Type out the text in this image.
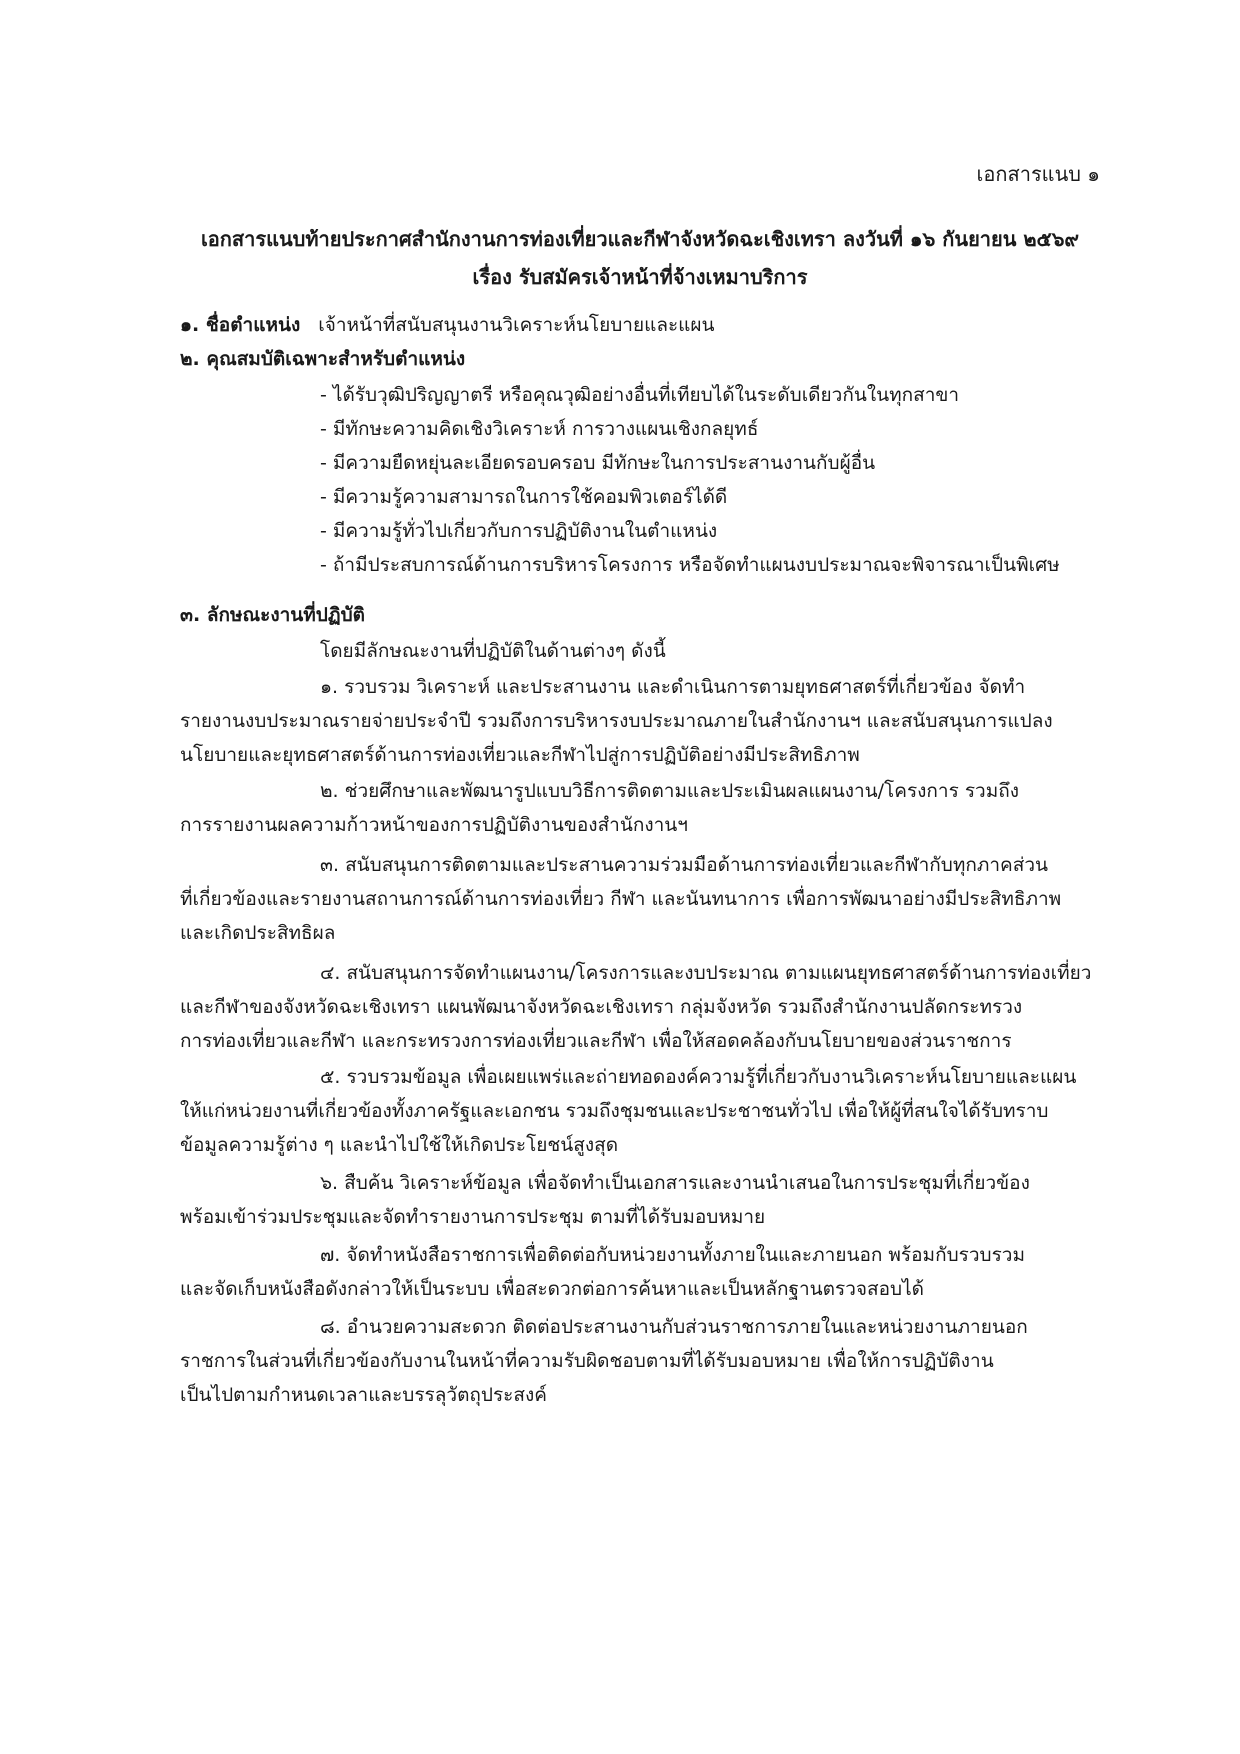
เอกสารแนบ ๑
เอกสารแนบท้ายประกาศสำนักงานการท่องเที่ยวและกีฬาจังหวัดฉะเชิงเทรา ลงวันที่ ๑๖ กันยายน ๒๕๖๙
เรื่อง รับสมัครเจ้าหน้าที่จ้างเหมาบริการ
๑. ชื่อตำแหน่ง เจ้าหน้าที่สนับสนุนงานวิเคราะห์นโยบายและแผน
๒. คุณสมบัติเฉพาะสำหรับตำแหน่ง
- ได้รับวุฒิปริญญาตรี หรือคุณวุฒิอย่างอื่นที่เทียบได้ในระดับเดียวกันในทุกสาขา
- มีทักษะความคิดเชิงวิเคราะห์ การวางแผนเชิงกลยุทธ์
- มีความยืดหยุ่นละเอียดรอบครอบ มีทักษะในการประสานงานกับผู้อื่น
- มีความรู้ความสามารถในการใช้คอมพิวเตอร์ได้ดี
- มีความรู้ทั่วไปเกี่ยวกับการปฏิบัติงานในตำแหน่ง
- ถ้ามีประสบการณ์ด้านการบริหารโครงการ หรือจัดทำแผนงบประมาณจะพิจารณาเป็นพิเศษ
๓. ลักษณะงานที่ปฏิบัติ
โดยมีลักษณะงานที่ปฏิบัติในด้านต่างๆ ดังนี้
๑. รวบรวม วิเคราะห์ และประสานงาน และดำเนินการตามยุทธศาสตร์ที่เกี่ยวข้อง จัดทำ
รายงานงบประมาณรายจ่ายประจำปี รวมถึงการบริหารงบประมาณภายในสำนักงานฯ และสนับสนุนการแปลง
นโยบายและยุทธศาสตร์ด้านการท่องเที่ยวและกีฬาไปสู่การปฏิบัติอย่างมีประสิทธิภาพ
๒. ช่วยศึกษาและพัฒนารูปแบบวิธีการติดตามและประเมินผลแผนงาน/โครงการ รวมถึง
การรายงานผลความก้าวหน้าของการปฏิบัติงานของสำนักงานฯ
๓. สนับสนุนการติดตามและประสานความร่วมมือด้านการท่องเที่ยวและกีฬากับทุกภาคส่วน
ที่เกี่ยวข้องและรายงานสถานการณ์ด้านการท่องเที่ยว กีฬา และนันทนาการ เพื่อการพัฒนาอย่างมีประสิทธิภาพ
และเกิดประสิทธิผล
๔. สนับสนุนการจัดทำแผนงาน/โครงการและงบประมาณ ตามแผนยุทธศาสตร์ด้านการท่องเที่ยว
และกีฬาของจังหวัดฉะเชิงเทรา แผนพัฒนาจังหวัดฉะเชิงเทรา กลุ่มจังหวัด รวมถึงสำนักงานปลัดกระทรวง
การท่องเที่ยวและกีฬา และกระทรวงการท่องเที่ยวและกีฬา เพื่อให้สอดคล้องกับนโยบายของส่วนราชการ
๕. รวบรวมข้อมูล เพื่อเผยแพร่และถ่ายทอดองค์ความรู้ที่เกี่ยวกับงานวิเคราะห์นโยบายและแผน
ให้แก่หน่วยงานที่เกี่ยวข้องทั้งภาครัฐและเอกชน รวมถึงชุมชนและประชาชนทั่วไป เพื่อให้ผู้ที่สนใจได้รับทราบ
ข้อมูลความรู้ต่าง ๆ และนำไปใช้ให้เกิดประโยชน์สูงสุด
๖. สืบค้น วิเคราะห์ข้อมูล เพื่อจัดทำเป็นเอกสารและงานนำเสนอในการประชุมที่เกี่ยวข้อง
พร้อมเข้าร่วมประชุมและจัดทำรายงานการประชุม ตามที่ได้รับมอบหมาย
๗. จัดทำหนังสือราชการเพื่อติดต่อกับหน่วยงานทั้งภายในและภายนอก พร้อมกับรวบรวม
และจัดเก็บหนังสือดังกล่าวให้เป็นระบบ เพื่อสะดวกต่อการค้นหาและเป็นหลักฐานตรวจสอบได้
๘. อำนวยความสะดวก ติดต่อประสานงานกับส่วนราชการภายในและหน่วยงานภายนอก
ราชการในส่วนที่เกี่ยวข้องกับงานในหน้าที่ความรับผิดชอบตามที่ได้รับมอบหมาย เพื่อให้การปฏิบัติงาน
เป็นไปตามกำหนดเวลาและบรรลุวัตถุประสงค์
